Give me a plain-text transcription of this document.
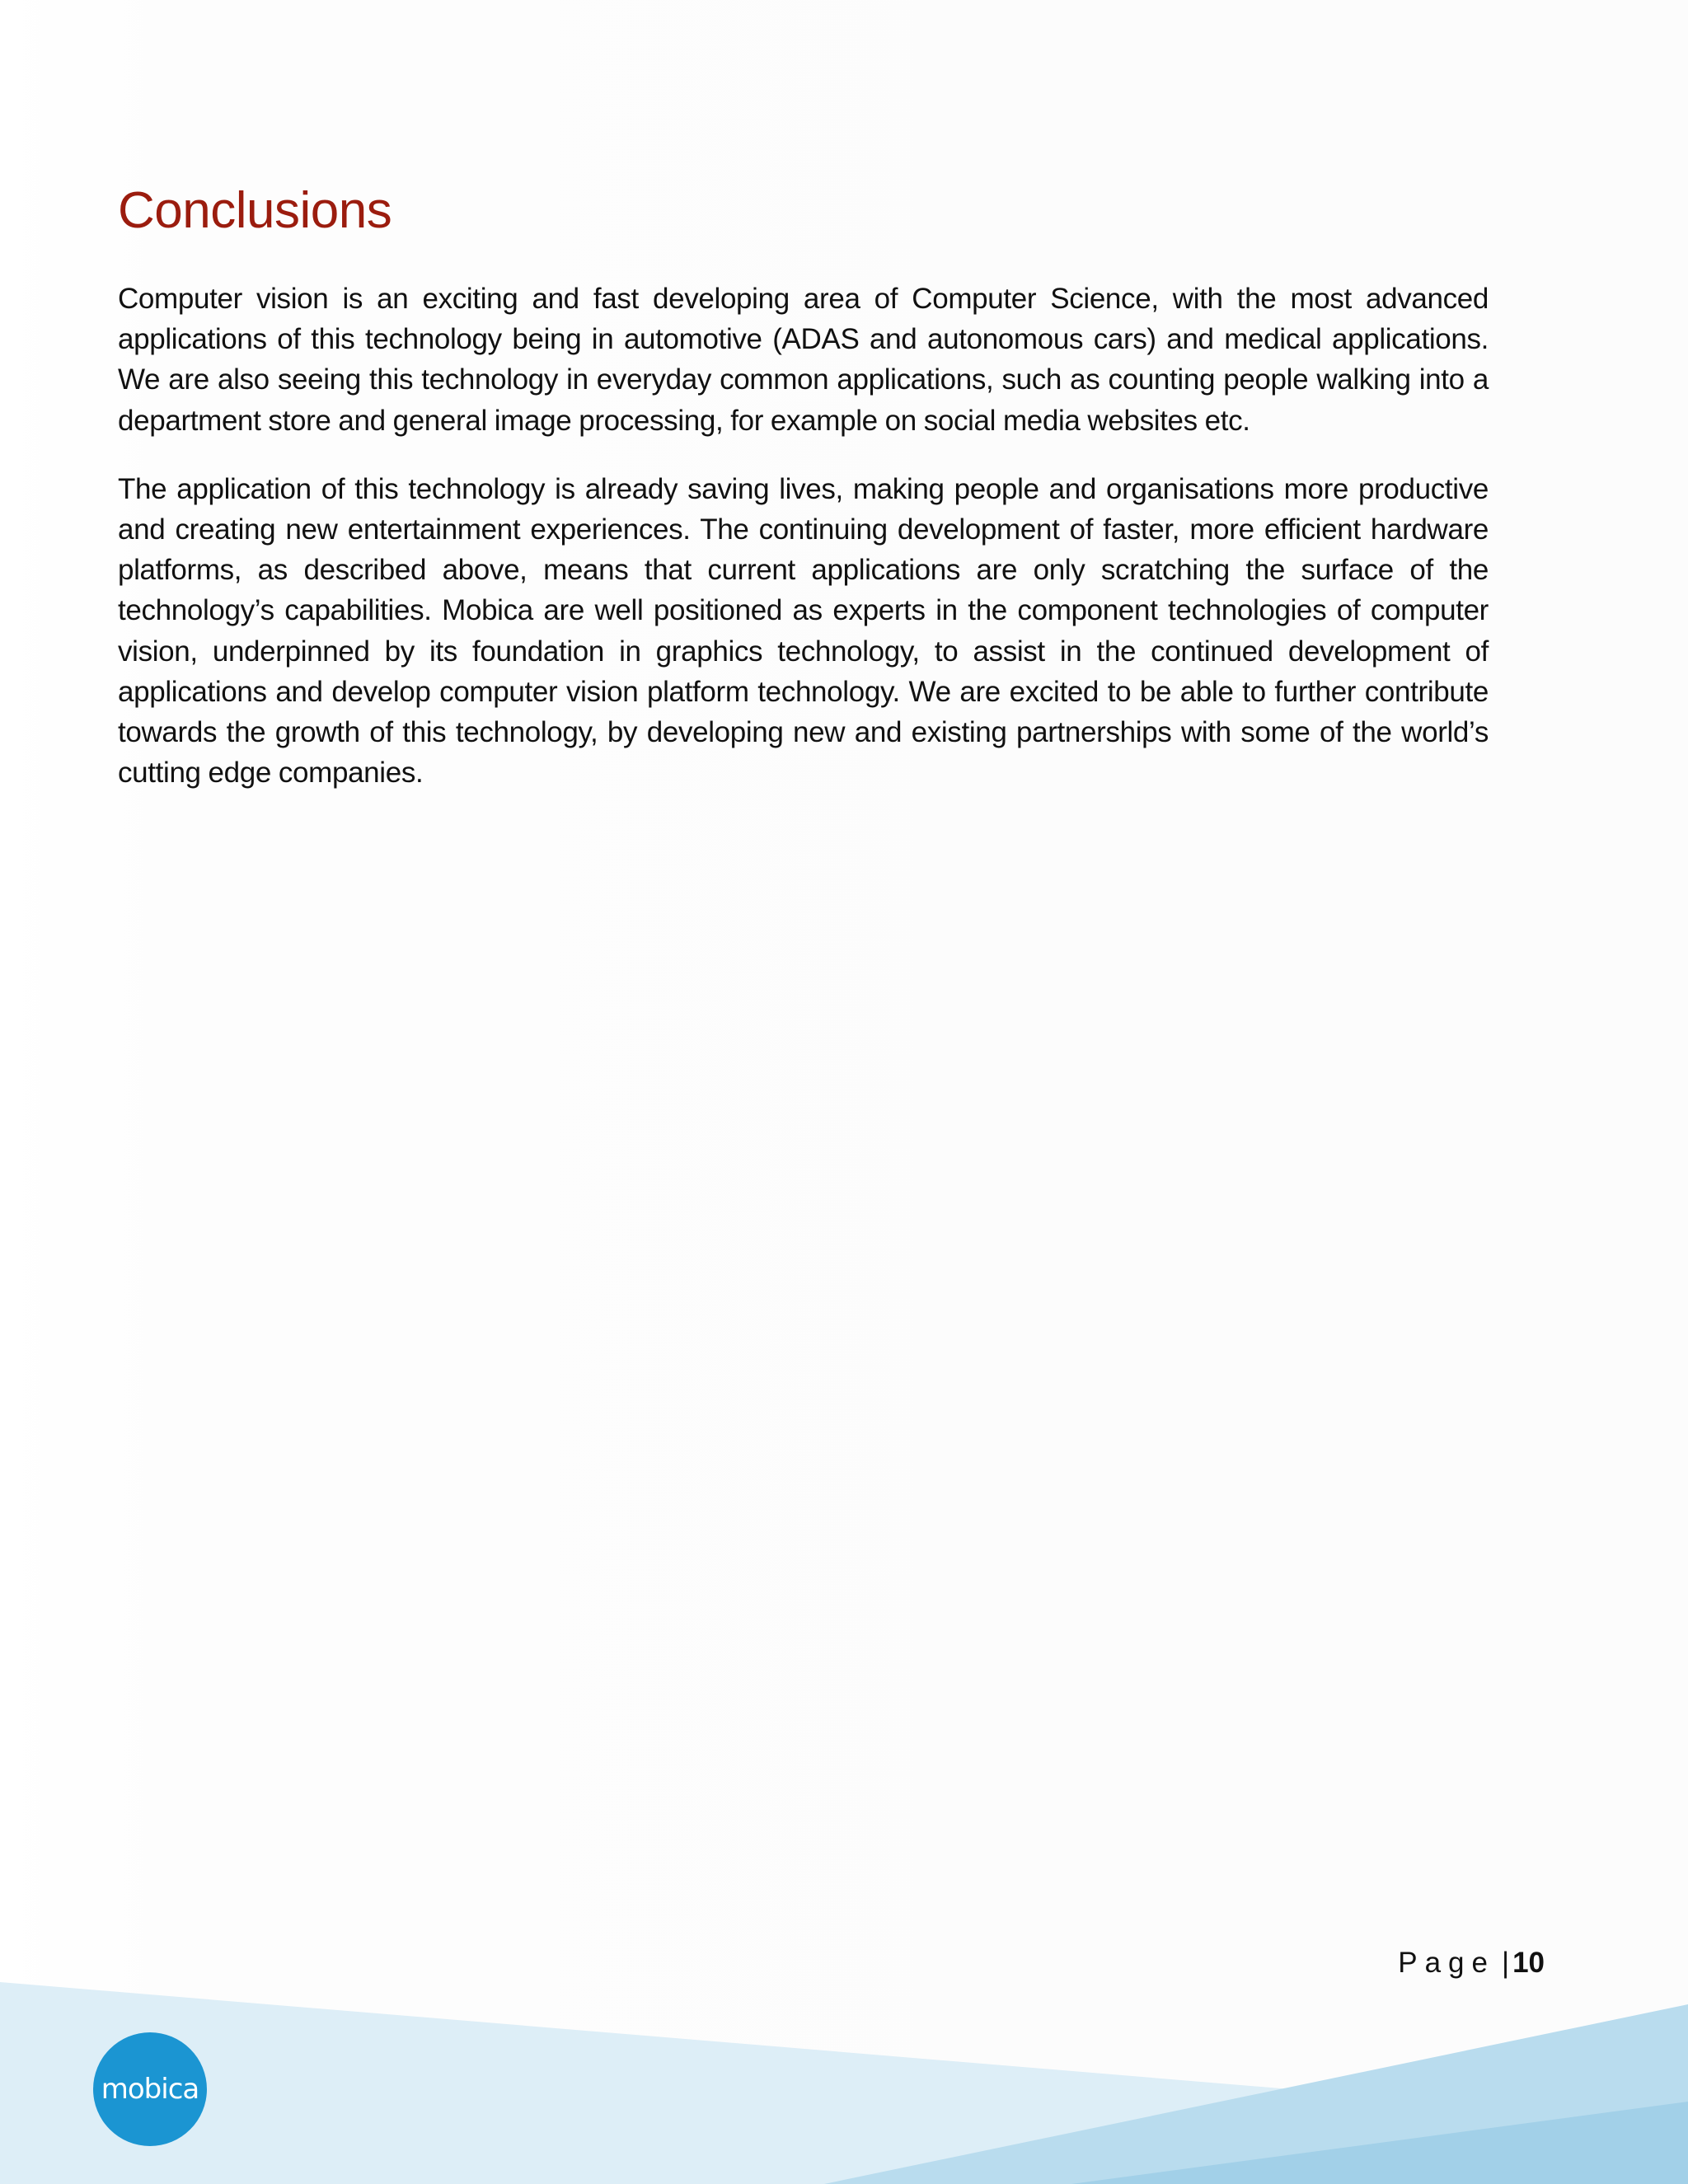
Conclusions

Computer vision is an exciting and fast developing area of Computer Science, with the most advanced applications of this technology being in automotive (ADAS and autonomous cars) and medical applications. We are also seeing this technology in everyday common applications, such as counting people walking into a department store and general image processing, for example on social media websites etc.

The application of this technology is already saving lives, making people and organisations more productive and creating new entertainment experiences. The continuing development of faster, more efficient hardware platforms, as described above, means that current applications are only scratching the surface of the technology’s capabilities. Mobica are well positioned as experts in the component technologies of computer vision, underpinned by its foundation in graphics technology, to assist in the continued development of applications and develop computer vision platform technology. We are excited to be able to further contribute towards the growth of this technology, by developing new and existing partnerships with some of the world’s cutting edge companies.

Page | 10
mobica
